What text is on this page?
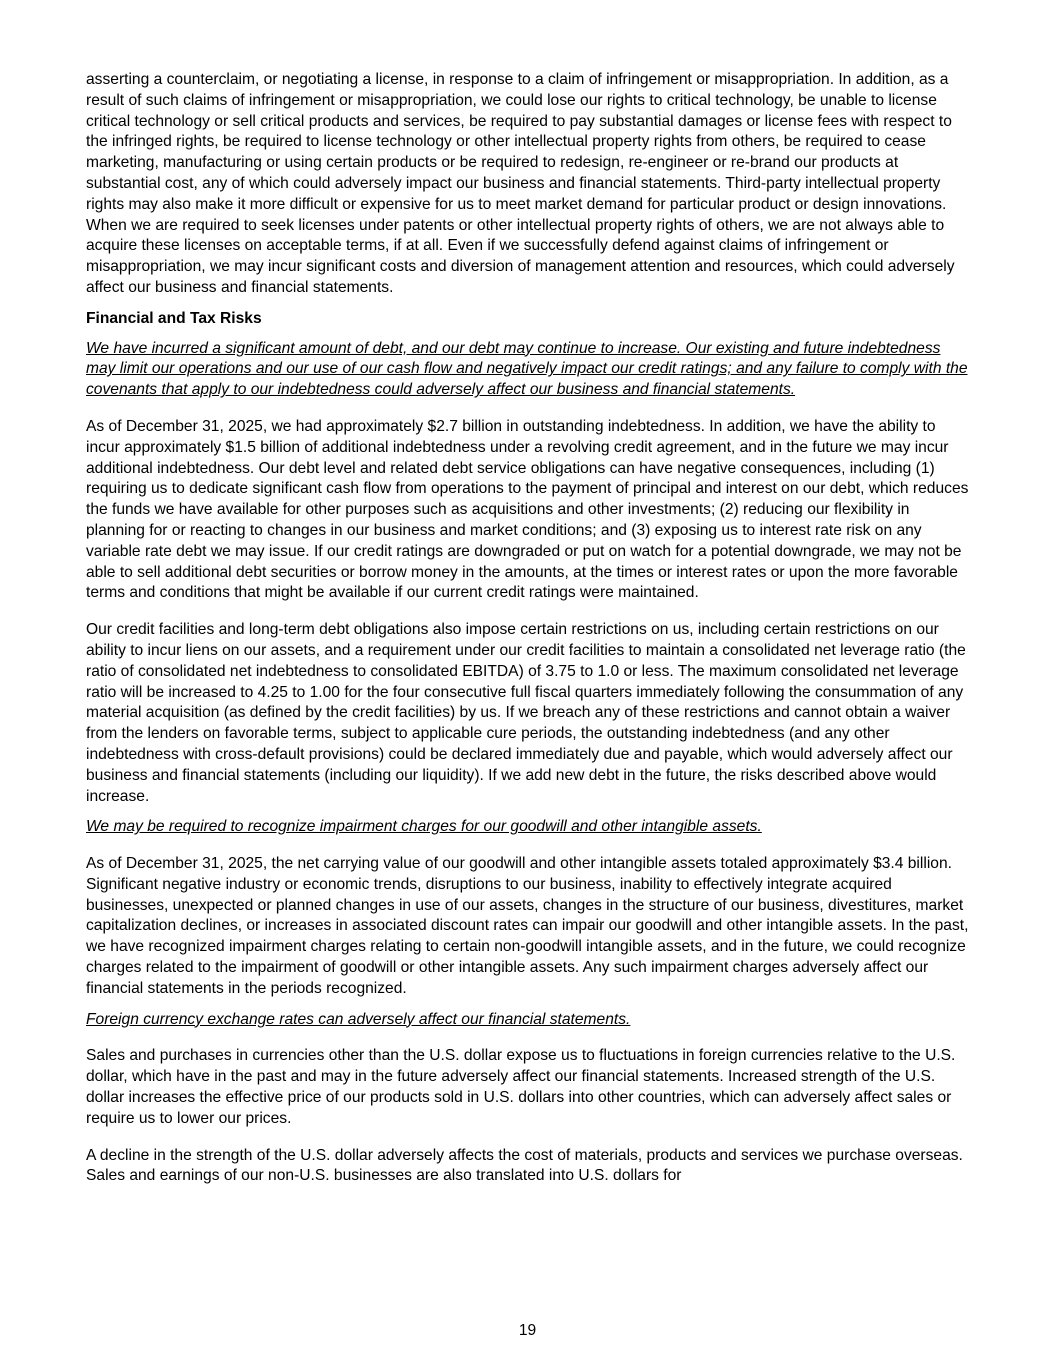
asserting a counterclaim, or negotiating a license, in response to a claim of infringement or misappropriation. In addition, as a result of such claims of infringement or misappropriation, we could lose our rights to critical technology, be unable to license critical technology or sell critical products and services, be required to pay substantial damages or license fees with respect to the infringed rights, be required to license technology or other intellectual property rights from others, be required to cease marketing, manufacturing or using certain products or be required to redesign, re-engineer or re-brand our products at substantial cost, any of which could adversely impact our business and financial statements. Third-party intellectual property rights may also make it more difficult or expensive for us to meet market demand for particular product or design innovations. When we are required to seek licenses under patents or other intellectual property rights of others, we are not always able to acquire these licenses on acceptable terms, if at all. Even if we successfully defend against claims of infringement or misappropriation, we may incur significant costs and diversion of management attention and resources, which could adversely affect our business and financial statements.

Financial and Tax Risks

We have incurred a significant amount of debt, and our debt may continue to increase. Our existing and future indebtedness may limit our operations and our use of our cash flow and negatively impact our credit ratings; and any failure to comply with the covenants that apply to our indebtedness could adversely affect our business and financial statements.

As of December 31, 2025, we had approximately $2.7 billion in outstanding indebtedness. In addition, we have the ability to incur approximately $1.5 billion of additional indebtedness under a revolving credit agreement, and in the future we may incur additional indebtedness. Our debt level and related debt service obligations can have negative consequences, including (1) requiring us to dedicate significant cash flow from operations to the payment of principal and interest on our debt, which reduces the funds we have available for other purposes such as acquisitions and other investments; (2) reducing our flexibility in planning for or reacting to changes in our business and market conditions; and (3) exposing us to interest rate risk on any variable rate debt we may issue. If our credit ratings are downgraded or put on watch for a potential downgrade, we may not be able to sell additional debt securities or borrow money in the amounts, at the times or interest rates or upon the more favorable terms and conditions that might be available if our current credit ratings were maintained.

Our credit facilities and long-term debt obligations also impose certain restrictions on us, including certain restrictions on our ability to incur liens on our assets, and a requirement under our credit facilities to maintain a consolidated net leverage ratio (the ratio of consolidated net indebtedness to consolidated EBITDA) of 3.75 to 1.0 or less. The maximum consolidated net leverage ratio will be increased to 4.25 to 1.00 for the four consecutive full fiscal quarters immediately following the consummation of any material acquisition (as defined by the credit facilities) by us. If we breach any of these restrictions and cannot obtain a waiver from the lenders on favorable terms, subject to applicable cure periods, the outstanding indebtedness (and any other indebtedness with cross-default provisions) could be declared immediately due and payable, which would adversely affect our business and financial statements (including our liquidity). If we add new debt in the future, the risks described above would increase.

We may be required to recognize impairment charges for our goodwill and other intangible assets.

As of December 31, 2025, the net carrying value of our goodwill and other intangible assets totaled approximately $3.4 billion. Significant negative industry or economic trends, disruptions to our business, inability to effectively integrate acquired businesses, unexpected or planned changes in use of our assets, changes in the structure of our business, divestitures, market capitalization declines, or increases in associated discount rates can impair our goodwill and other intangible assets. In the past, we have recognized impairment charges relating to certain non-goodwill intangible assets, and in the future, we could recognize charges related to the impairment of goodwill or other intangible assets. Any such impairment charges adversely affect our financial statements in the periods recognized.

Foreign currency exchange rates can adversely affect our financial statements.

Sales and purchases in currencies other than the U.S. dollar expose us to fluctuations in foreign currencies relative to the U.S. dollar, which have in the past and may in the future adversely affect our financial statements. Increased strength of the U.S. dollar increases the effective price of our products sold in U.S. dollars into other countries, which can adversely affect sales or require us to lower our prices.

A decline in the strength of the U.S. dollar adversely affects the cost of materials, products and services we purchase overseas. Sales and earnings of our non-U.S. businesses are also translated into U.S. dollars for

19
